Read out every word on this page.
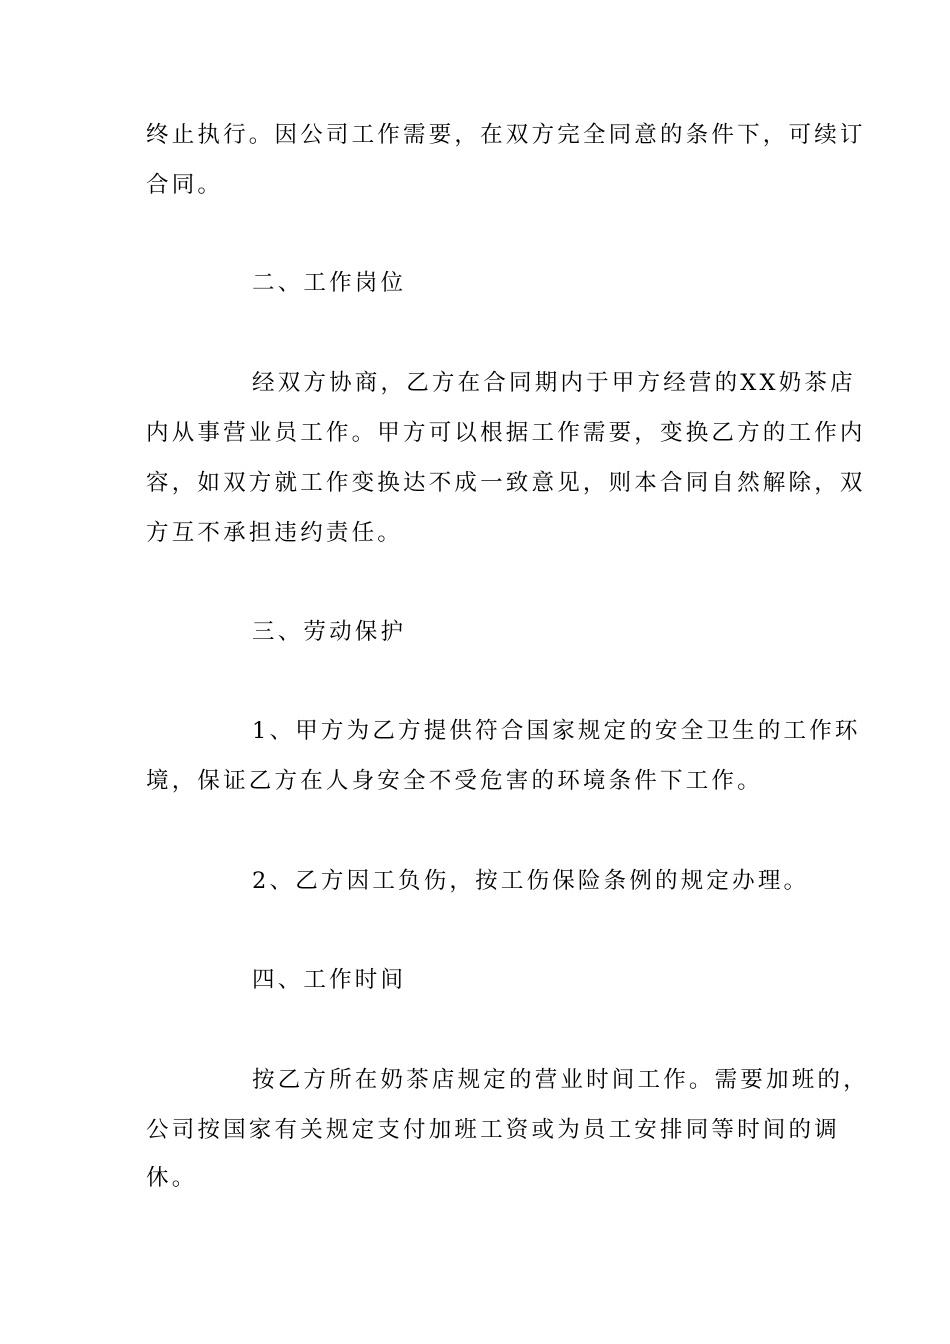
终止执行。因公司工作需要，在双方完全同意的条件下，可续订
合同。
二、工作岗位
经双方协商，乙方在合同期内于甲方经营的XX奶茶店
内从事营业员工作。甲方可以根据工作需要，变换乙方的工作内
容，如双方就工作变换达不成一致意见，则本合同自然解除，双
方互不承担违约责任。
三、劳动保护
1、甲方为乙方提供符合国家规定的安全卫生的工作环
境，保证乙方在人身安全不受危害的环境条件下工作。
2、乙方因工负伤，按工伤保险条例的规定办理。
四、工作时间
按乙方所在奶茶店规定的营业时间工作。需要加班的，
公司按国家有关规定支付加班工资或为员工安排同等时间的调
休。
